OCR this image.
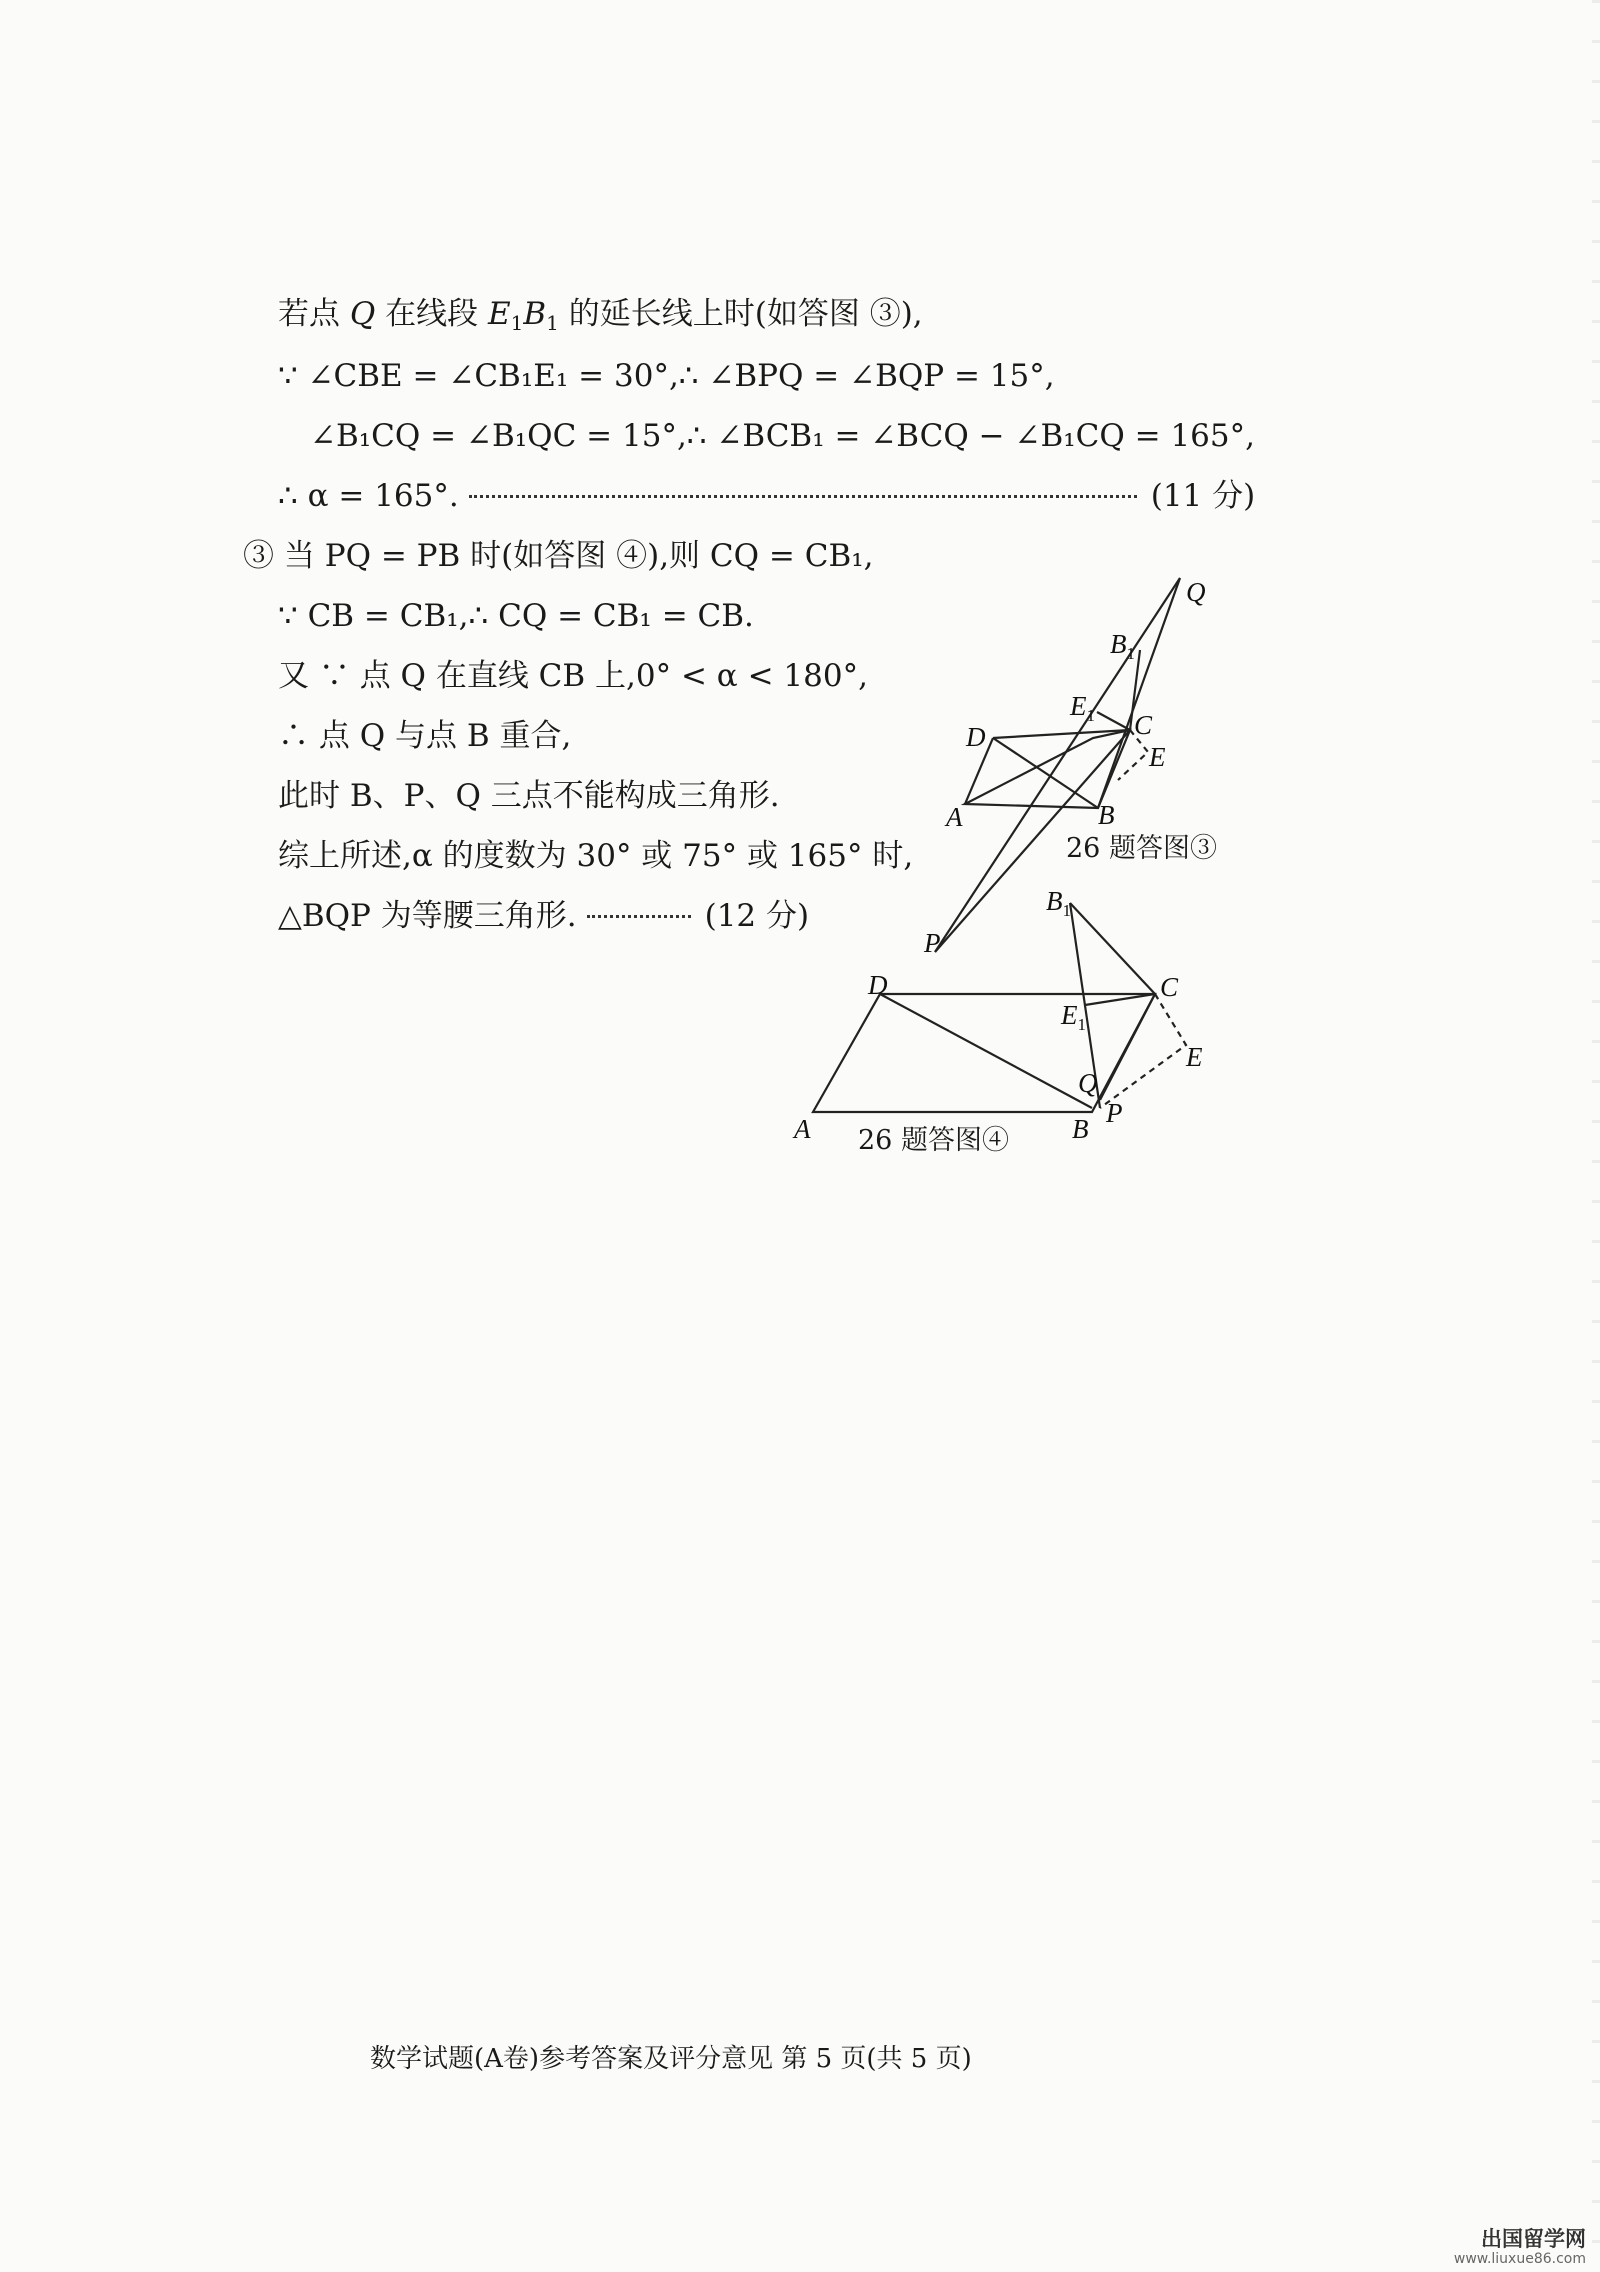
若点 Q 在线段 $E_1B_1$ 的延长线上时(如答图 ③),
∵ ∠CBE = ∠CB₁E₁ = 30°,∴ ∠BPQ = ∠BQP = 15°,
∠B₁CQ = ∠B₁QC = 15°,∴ ∠BCB₁ = ∠BCQ − ∠B₁CQ = 165°,
∴ α = 165°.	(11 分)
③ 当 PQ = PB 时(如答图 ④),则 CQ = CB₁,
∵ CB = CB₁,∴ CQ = CB₁ = CB.
又 ∵ 点 Q 在直线 CB 上,0° < α < 180°,
∴ 点 Q 与点 B 重合,
此时 B、P、Q 三点不能构成三角形.
综上所述,α 的度数为 30° 或 75° 或 165° 时,
△BQP 为等腰三角形.	(12 分)
Q
$B_1$
$E_1$ C
E
D
A	B
P
$B_1$
D	C
$E_1$
E
Q
A	B
P
26 题答图③
26 题答图④
数学试题(A卷)参考答案及评分意见 第 5 页(共 5 页)
出国留学网
www.liuxue86.com
